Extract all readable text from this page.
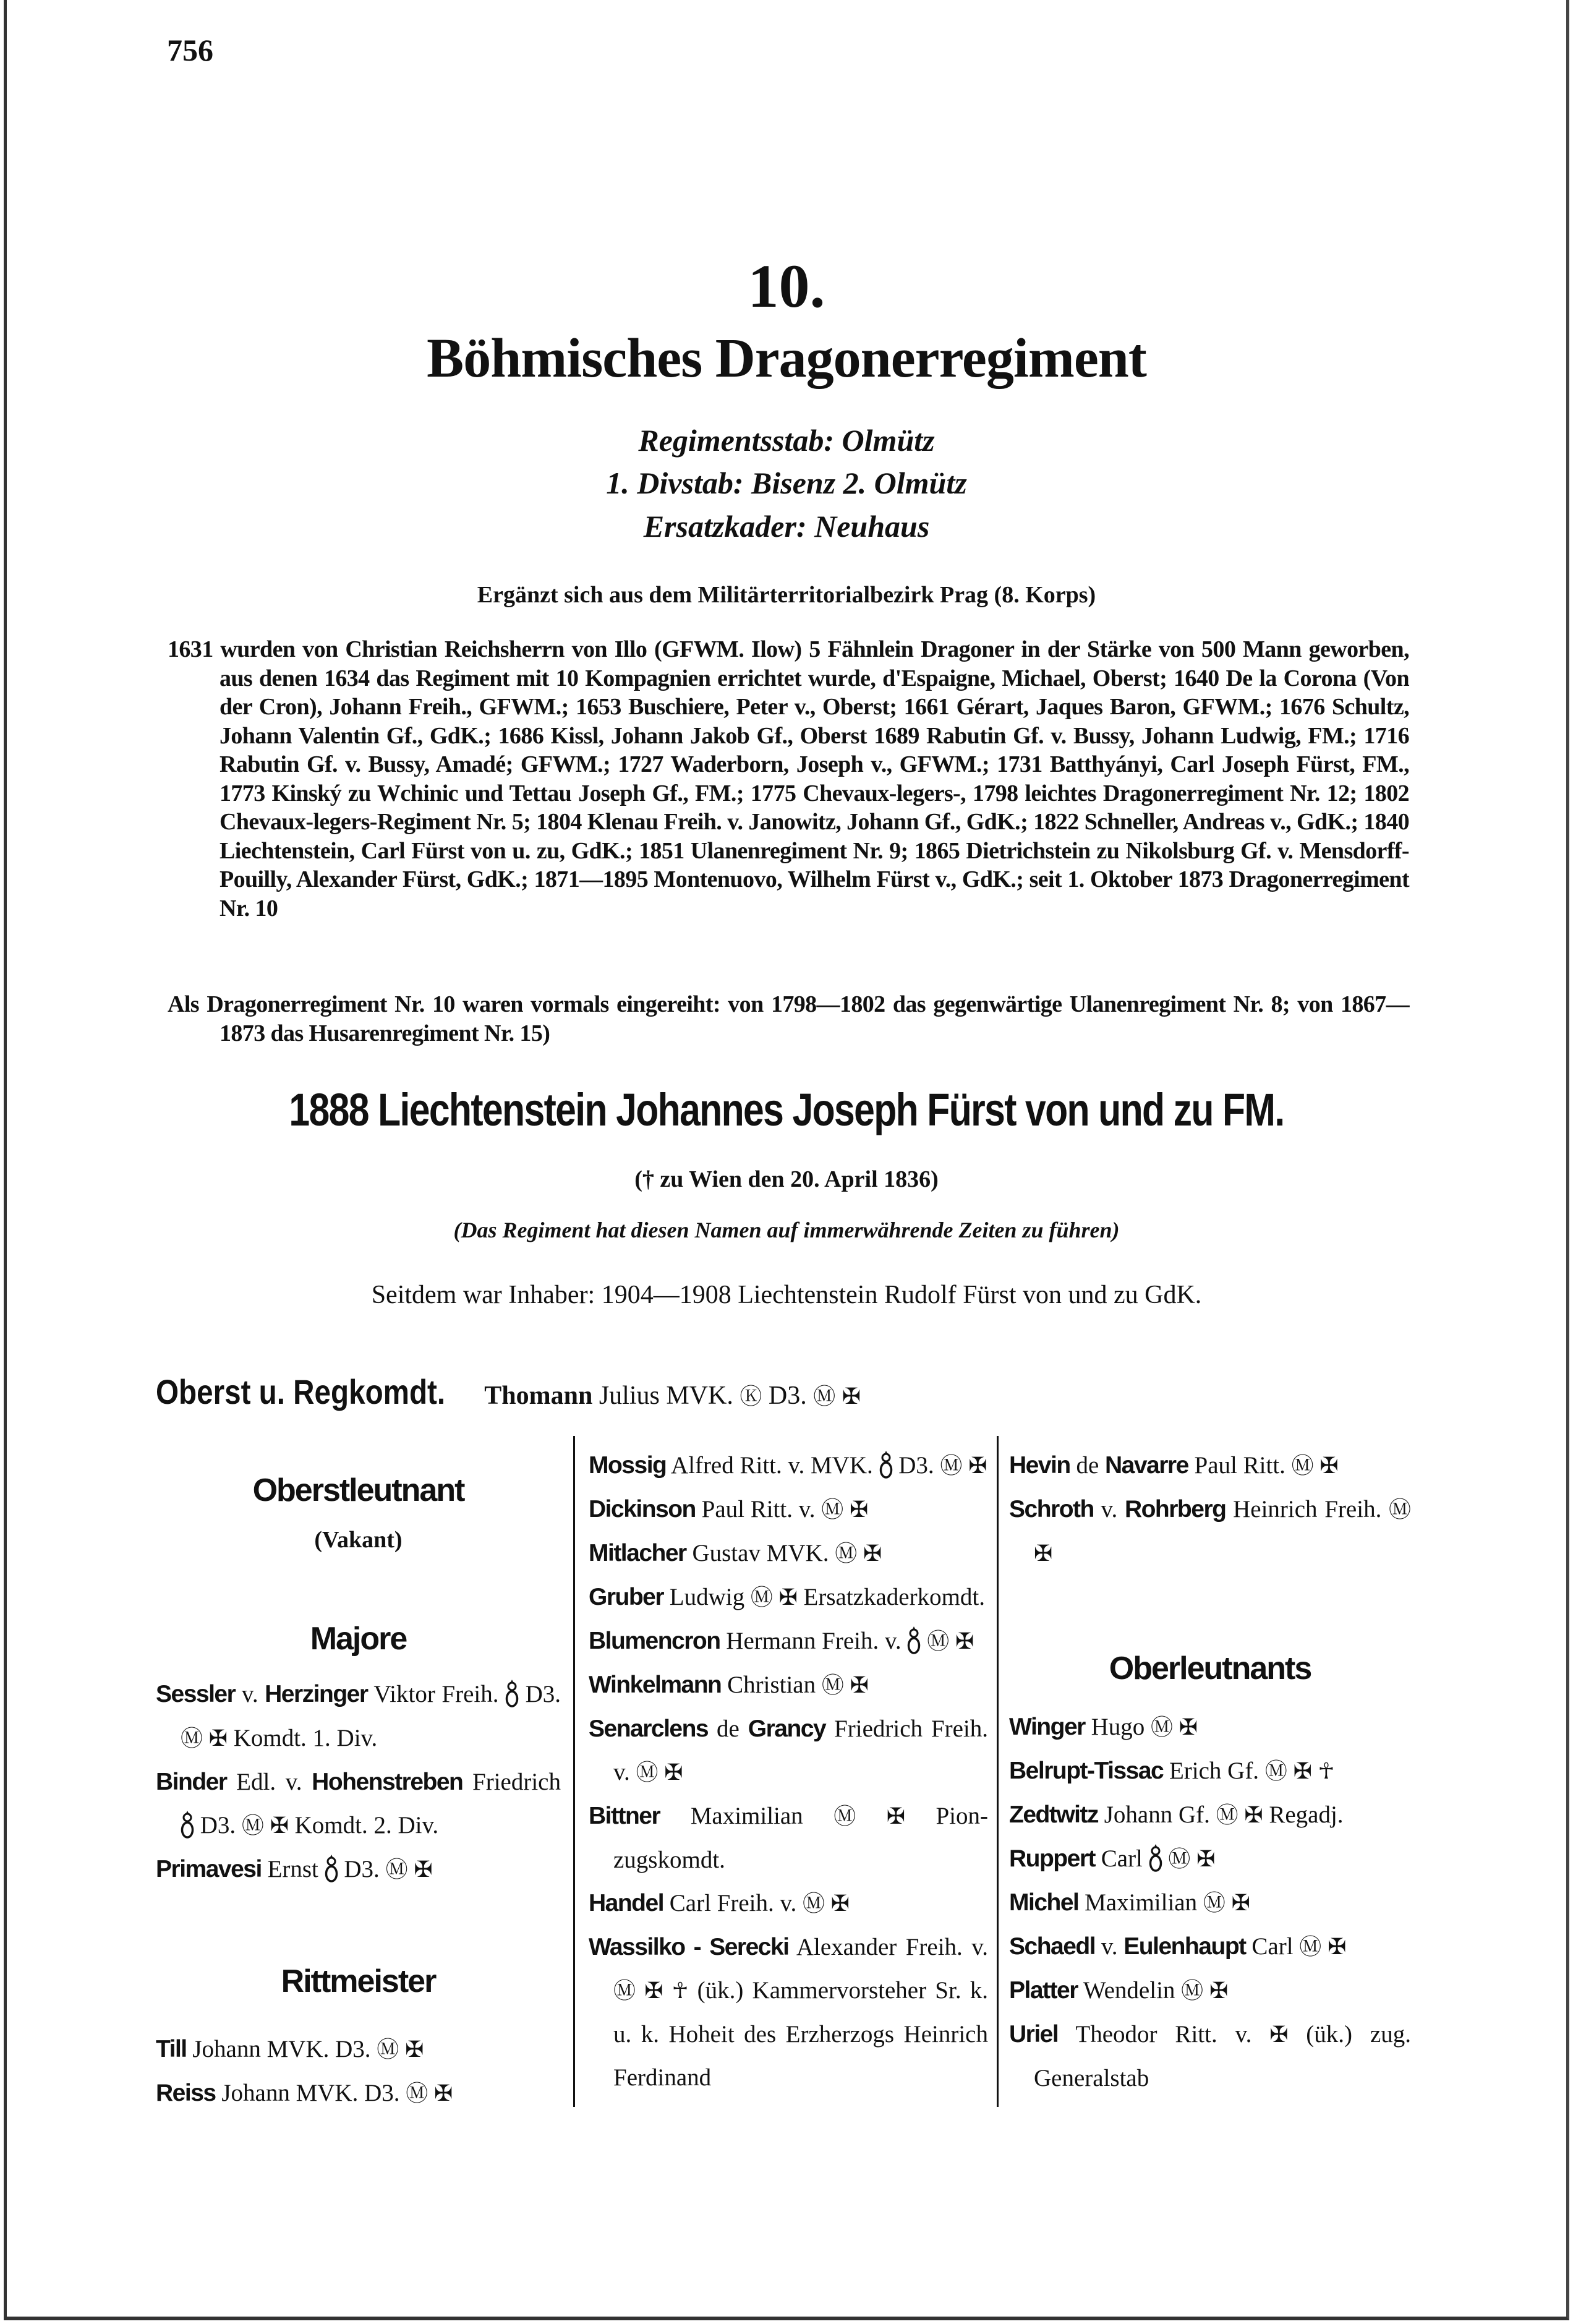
756
10.
Böhmisches Dragonerregiment
Regimentsstab: Olmütz
1. Divstab: Bisenz 2. Olmütz
Ersatzkader: Neuhaus
Ergänzt sich aus dem Militärterritorialbezirk Prag (8. Korps)
1631 wurden von Christian Reichsherrn von Illo (GFWM. Ilow) 5 Fähnlein Dragoner in der Stärke von 500 Mann geworben, aus denen 1634 das Regiment mit 10 Kompagnien errichtet wurde, d'Espaigne, Michael, Oberst; 1640 De la Corona (Von der Cron), Johann Freih., GFWM.; 1653 Buschiere, Peter v., Oberst; 1661 Gérart, Jaques Baron, GFWM.; 1676 Schultz, Johann Valentin Gf., GdK.; 1686 Kissl, Johann Jakob Gf., Oberst 1689 Rabutin Gf. v. Bussy, Johann Ludwig, FM.; 1716 Rabutin Gf. v. Bussy, Amadé; GFWM.; 1727 Waderborn, Joseph v., GFWM.; 1731 Batthyányi, Carl Joseph Fürst, FM., 1773 Kinský zu Wchinic und Tettau Joseph Gf., FM.; 1775 Chevaux-legers-, 1798 leichtes Dragonerregiment Nr. 12; 1802 Chevaux-legers-Regiment Nr. 5; 1804 Klenau Freih. v. Janowitz, Johann Gf., GdK.; 1822 Schneller, Andreas v., GdK.; 1840 Liechtenstein, Carl Fürst von u. zu, GdK.; 1851 Ulanenregiment Nr. 9; 1865 Dietrichstein zu Nikolsburg Gf. v. Mensdorff-Pouilly, Alexander Fürst, GdK.; 1871—1895 Montenuovo, Wilhelm Fürst v., GdK.; seit 1. Oktober 1873 Dragonerregiment Nr. 10
Als Dragonerregiment Nr. 10 waren vormals eingereiht: von 1798—1802 das gegenwärtige Ulanenregiment Nr. 8; von 1867—1873 das Husarenregiment Nr. 15)
1888 Liechtenstein Johannes Joseph Fürst von und zu FM.
(† zu Wien den 20. April 1836)
(Das Regiment hat diesen Namen auf immerwährende Zeiten zu führen)
Seitdem war Inhaber: 1904—1908 Liechtenstein Rudolf Fürst von und zu GdK.
Oberst u. Regkomdt. Thomann Julius MVK. Ⓚ D3. Ⓜ ✠
Oberstleutnant
(Vakant)
Majore
Sessler v. Herzinger Viktor Freih.  D3. Ⓜ ✠ Komdt. 1. Div.
Binder Edl. v. Hohenstreben Friedrich  D3. Ⓜ ✠ Komdt. 2. Div.
Primavesi Ernst  D3. Ⓜ ✠
Rittmeister
Till Johann MVK. D3. Ⓜ ✠
Reiss Johann MVK. D3. Ⓜ ✠
Mossig Alfred Ritt. v. MVK.  D3. Ⓜ ✠
Dickinson Paul Ritt. v. Ⓜ ✠
Mitlacher Gustav MVK. Ⓜ ✠
Gruber Ludwig Ⓜ ✠ Ersatzkaderkomdt.
Blumencron Hermann Freih. v.  Ⓜ ✠
Winkelmann Christian Ⓜ ✠
Senarclens de Grancy Friedrich Freih. v. Ⓜ ✠
Bittner Maximilian Ⓜ ✠ Pionzugskomdt.
Handel Carl Freih. v. Ⓜ ✠
Wassilko - Serecki Alexander Freih. v. Ⓜ ✠ ☥ (ük.) Kammervorsteher Sr. k. u. k. Hoheit des Erzherzogs Heinrich Ferdinand
Hevin de Navarre Paul Ritt. Ⓜ ✠
Schroth v. Rohrberg Heinrich Freih. Ⓜ ✠
Oberleutnants
Winger Hugo Ⓜ ✠
Belrupt-Tissac Erich Gf. Ⓜ ✠ ☥
Zedtwitz Johann Gf. Ⓜ ✠ Regadj.
Ruppert Carl  Ⓜ ✠
Michel Maximilian Ⓜ ✠
Schaedl v. Eulenhaupt Carl Ⓜ ✠
Platter Wendelin Ⓜ ✠
Uriel Theodor Ritt. v. ✠ (ük.) zug. Generalstab
